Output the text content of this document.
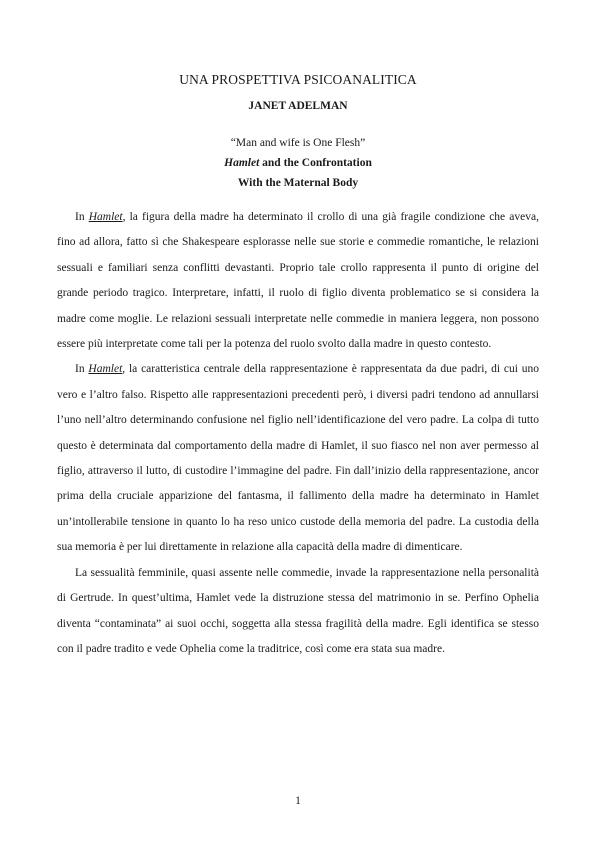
UNA PROSPETTIVA PSICOANALITICA
JANET ADELMAN
“Man and wife is One Flesh”
Hamlet and the Confrontation
With the Maternal Body

In Hamlet, la figura della madre ha determinato il crollo di una già fragile condizione che aveva, fino ad allora, fatto sì che Shakespeare esplorasse nelle sue storie e commedie romantiche, le relazioni sessuali e familiari senza conflitti devastanti. Proprio tale crollo rappresenta il punto di origine del grande periodo tragico. Interpretare, infatti, il ruolo di figlio diventa problematico se si considera la madre come moglie. Le relazioni sessuali interpretate nelle commedie in maniera leggera, non possono essere più interpretate come tali per la potenza del ruolo svolto dalla madre in questo contesto.

In Hamlet, la caratteristica centrale della rappresentazione è rappresentata da due padri, di cui uno vero e l’altro falso. Rispetto alle rappresentazioni precedenti però, i diversi padri tendono ad annullarsi l’uno nell’altro determinando confusione nel figlio nell’identificazione del vero padre. La colpa di tutto questo è determinata dal comportamento della madre di Hamlet, il suo fiasco nel non aver permesso al figlio, attraverso il lutto, di custodire l’immagine del padre. Fin dall’inizio della rappresentazione, ancor prima della cruciale apparizione del fantasma, il fallimento della madre ha determinato in Hamlet un’intollerabile tensione in quanto lo ha reso unico custode della memoria del padre. La custodia della sua memoria è per lui direttamente in relazione alla capacità della madre di dimenticare.

La sessualità femminile, quasi assente nelle commedie, invade la rappresentazione nella personalità di Gertrude. In quest’ultima, Hamlet vede la distruzione stessa del matrimonio in se. Perfino Ophelia diventa “contaminata” ai suoi occhi, soggetta alla stessa fragilità della madre. Egli identifica se stesso con il padre tradito e vede Ophelia come la traditrice, così come era stata sua madre.

1
